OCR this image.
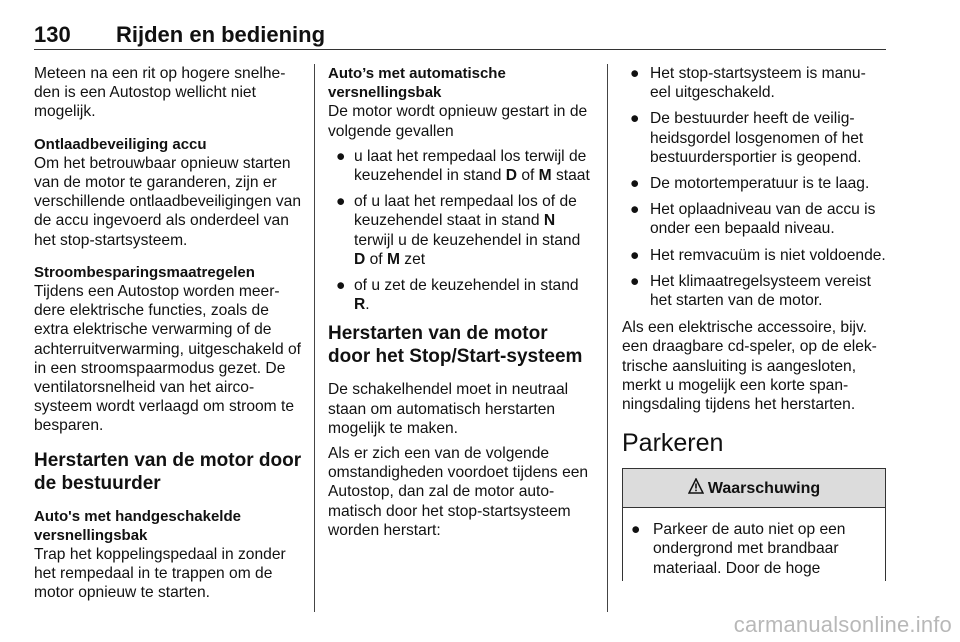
130 Rijden en bediening

Meteen na een rit op hogere snelhe- den is een Autostop wellicht niet mogelijk.

Ontlaadbeveiliging accu
Om het betrouwbaar opnieuw starten van de motor te garanderen, zijn er verschillende ontlaadbeveiligingen van de accu ingevoerd als onderdeel van het stop-startsysteem.

Stroombesparingsmaatregelen
Tijdens een Autostop worden meer- dere elektrische functies, zoals de extra elektrische verwarming of de achterruitverwarming, uitgeschakeld of in een stroomspaarmodus gezet. De ventilatorsnelheid van het airco- systeem wordt verlaagd om stroom te besparen.

Herstarten van de motor door de bestuurder

Auto's met handgeschakelde versnellingsbak
Trap het koppelingspedaal in zonder het rempedaal in te trappen om de motor opnieuw te starten.

Auto’s met automatische versnellingsbak
De motor wordt opnieuw gestart in de volgende gevallen

● u laat het rempedaal los terwijl de keuzehendel in stand D of M staat
● of u laat het rempedaal los of de keuzehendel staat in stand N terwijl u de keuzehendel in stand D of M zet
● of u zet de keuzehendel in stand R.
Herstarten van de motor door het Stop/Start-systeem

De schakelhendel moet in neutraal staan om automatisch herstarten mogelijk te maken.

Als er zich een van de volgende omstandigheden voordoet tijdens een Autostop, dan zal de motor auto- matisch door het stop-startsysteem worden herstart:

● Het stop-startsysteem is manu- eel uitgeschakeld.
● De bestuurder heeft de veilig- heidsgordel losgenomen of het bestuurdersportier is geopend.
● De motortemperatuur is te laag.
● Het oplaadniveau van de accu is onder een bepaald niveau.
● Het remvacuüm is niet voldoende.
● Het klimaatregelsysteem vereist het starten van de motor.

Als een elektrische accessoire, bijv. een draagbare cd-speler, op de elek- trische aansluiting is aangesloten, merkt u mogelijk een korte span- ningsdaling tijdens het herstarten.

Parkeren
Waarschuwing
● Parkeer de auto niet op een ondergrond met brandbaar materiaal. Door de hoge
carmanualsonline.info
